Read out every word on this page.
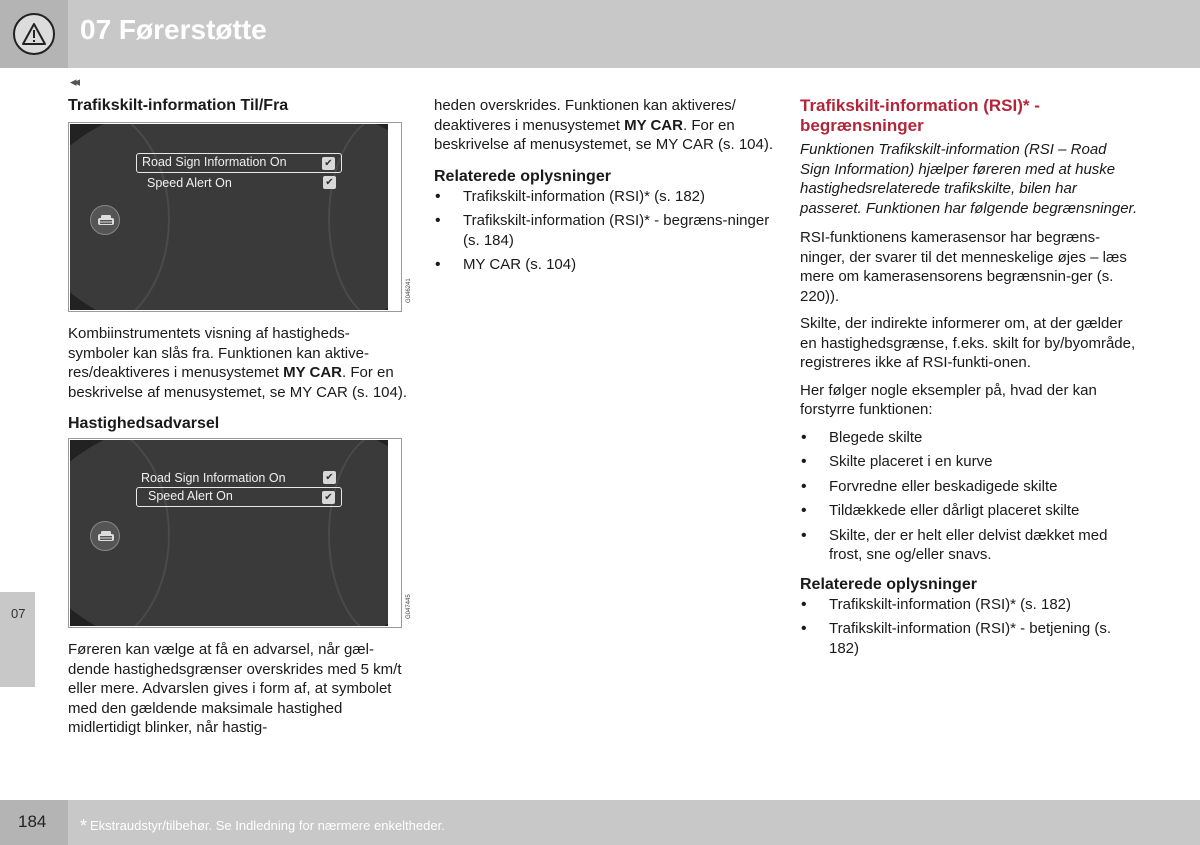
07 Førerstøtte
◂◂
Trafikskilt-information Til/Fra
Road Sign Information On	✔
Speed Alert On	✔
G046241

Kombiinstrumentets visning af hastigheds-symboler kan slås fra. Funktionen kan aktive-res/deaktiveres i menusystemet MY CAR. For en beskrivelse af menusystemet, se MY CAR (s. 104).

Hastighedsadvarsel
Road Sign Information On	✔
Speed Alert On	✔
G047445

Føreren kan vælge at få en advarsel, når gæl-dende hastighedsgrænser overskrides med 5 km/t eller mere. Advarslen gives i form af, at symbolet med den gældende maksimale hastighed midlertidigt blinker, når hastig-

heden overskrides. Funktionen kan aktiveres/ deaktiveres i menusystemet MY CAR. For en beskrivelse af menusystemet, se MY CAR (s. 104).

Relaterede oplysninger
• Trafikskilt-information (RSI)* (s. 182)
• Trafikskilt-information (RSI)* - begræns-ninger (s. 184)
• MY CAR (s. 104)
Trafikskilt-information (RSI)* - begrænsninger

Funktionen Trafikskilt-information (RSI – Road Sign Information) hjælper føreren med at huske hastighedsrelaterede trafikskilte, bilen har passeret. Funktionen har følgende begrænsninger.

RSI-funktionens kamerasensor har begræns-ninger, der svarer til det menneskelige øjes – læs mere om kamerasensorens begrænsnin-ger (s. 220)).

Skilte, der indirekte informerer om, at der gælder en hastighedsgrænse, f.eks. skilt for by/byområde, registreres ikke af RSI-funkti-onen.

Her følger nogle eksempler på, hvad der kan forstyrre funktionen:

• Blegede skilte
• Skilte placeret i en kurve
• Forvredne eller beskadigede skilte
• Tildækkede eller dårligt placeret skilte
• Skilte, der er helt eller delvist dækket med frost, sne og/eller snavs.
Relaterede oplysninger
• Trafikskilt-information (RSI)* (s. 182)
• Trafikskilt-information (RSI)* - betjening (s. 182)
07
184 * Ekstraudstyr/tilbehør. Se Indledning for nærmere enkeltheder.
